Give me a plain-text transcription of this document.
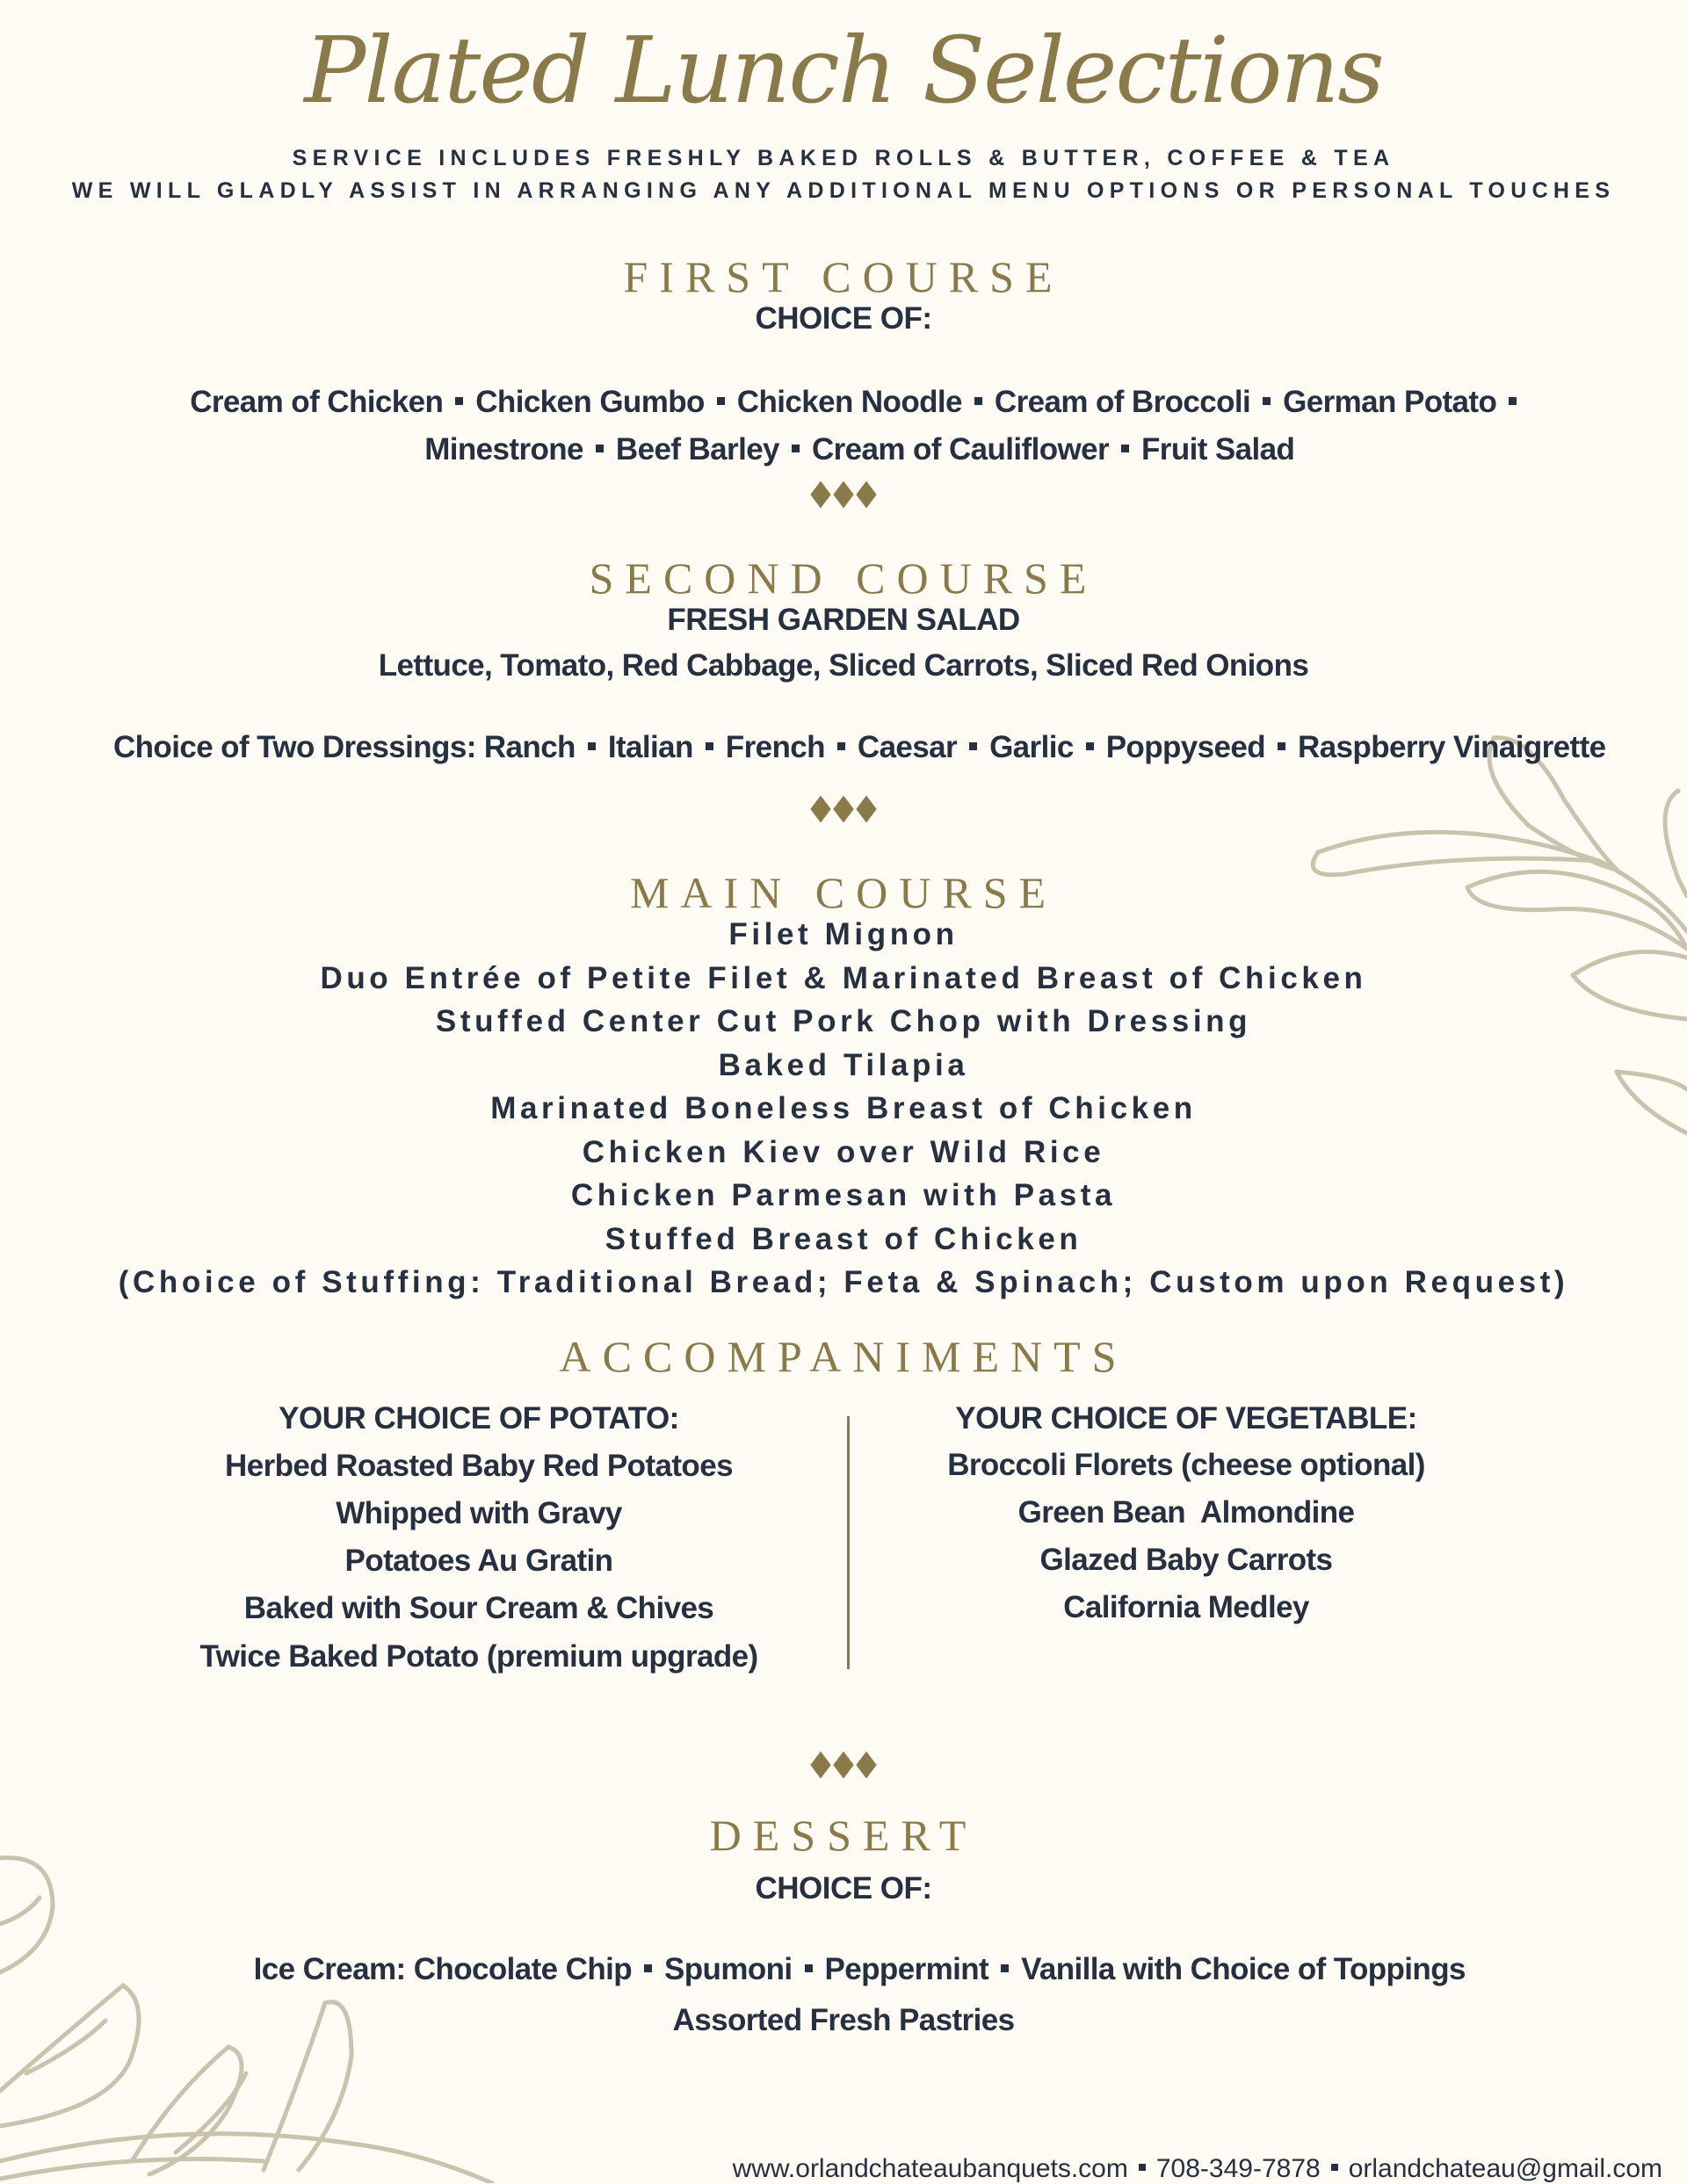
Plated Lunch Selections
SERVICE INCLUDES FRESHLY BAKED ROLLS & BUTTER, COFFEE & TEA
WE WILL GLADLY ASSIST IN ARRANGING ANY ADDITIONAL MENU OPTIONS OR PERSONAL TOUCHES
FIRST COURSE
CHOICE OF:

Cream of Chicken Chicken Gumbo Chicken Noodle Cream of Broccoli German Potato

Minestrone Beef Barley Cream of Cauliflower Fruit Salad

SECOND COURSE
FRESH GARDEN SALAD
Lettuce, Tomato, Red Cabbage, Sliced Carrots, Sliced Red Onions

Choice of Two Dressings: Ranch Italian French Caesar Garlic Poppyseed Raspberry Vinaigrette

MAIN COURSE
Filet Mignon
Duo Entrée of Petite Filet & Marinated Breast of Chicken
Stuffed Center Cut Pork Chop with Dressing
Baked Tilapia
Marinated Boneless Breast of Chicken
Chicken Kiev over Wild Rice
Chicken Parmesan with Pasta
Stuffed Breast of Chicken
(Choice of Stuffing: Traditional Bread; Feta & Spinach; Custom upon Request)
ACCOMPANIMENTS
YOUR CHOICE OF POTATO:
Herbed Roasted Baby Red Potatoes
Whipped with Gravy
Potatoes Au Gratin
Baked with Sour Cream & Chives
Twice Baked Potato (premium upgrade)
YOUR CHOICE OF VEGETABLE:
Broccoli Florets (cheese optional)
Green Bean  Almondine
Glazed Baby Carrots
California Medley
DESSERT
CHOICE OF:

Ice Cream: Chocolate Chip Spumoni Peppermint Vanilla with Choice of Toppings

Assorted Fresh Pastries

www.orlandchateaubanquets.com 708-349-7878 orlandchateau@gmail.com
